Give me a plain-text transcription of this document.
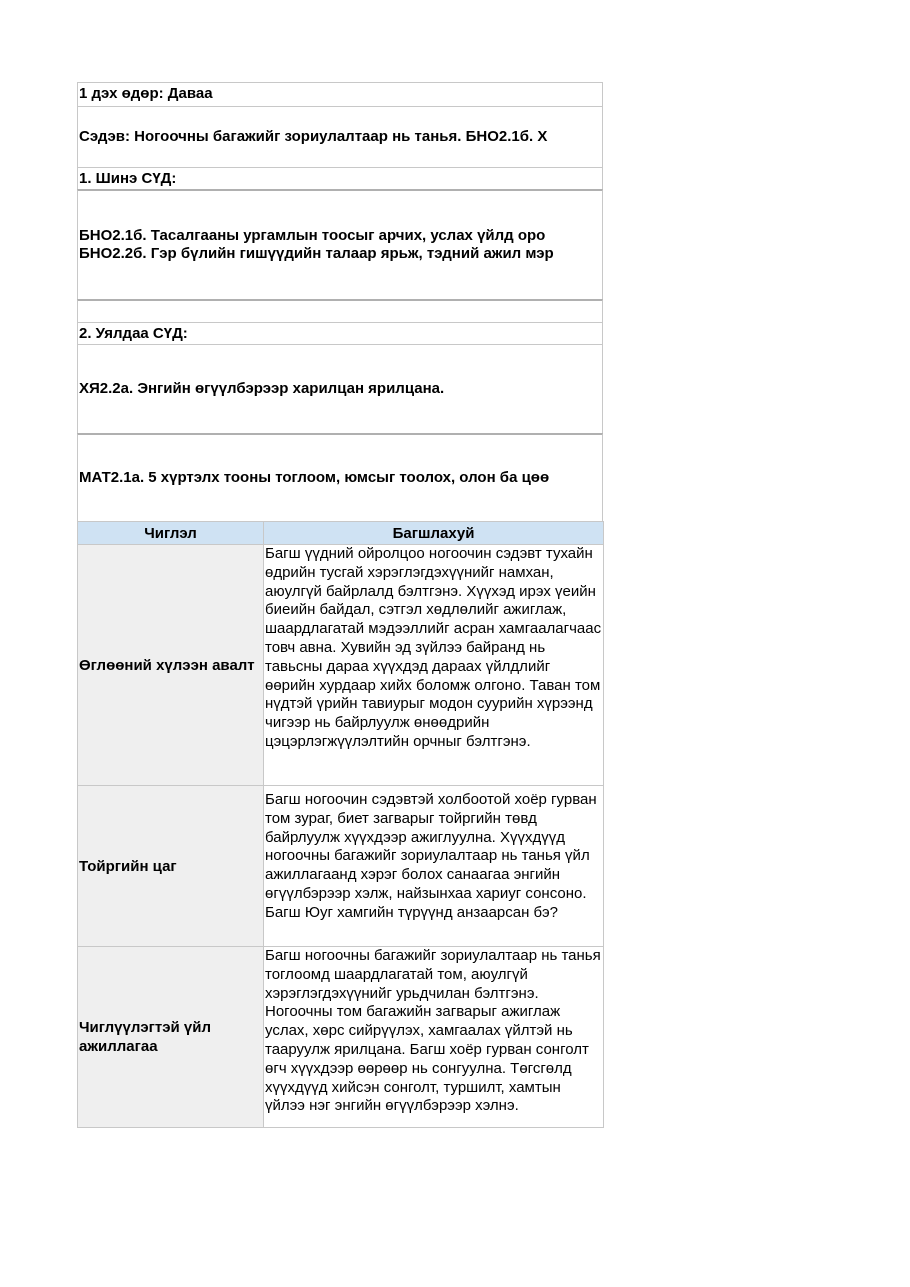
1 дэх өдөр: Даваа
Сэдэв: Ногоочны багажийг зориулалтаар нь танья. БНО2.1б. Х
1. Шинэ СҮД:
БНО2.1б. Тасалгааны ургамлын тоосыг арчих, услах үйлд оро
БНО2.2б. Гэр бүлийн гишүүдийн талаар ярьж, тэдний ажил мэр
2. Уялдаа СҮД:
ХЯ2.2а. Энгийн өгүүлбэрээр харилцан ярилцана.
МАТ2.1а. 5 хүртэлх тооны тоглоом, юмсыг тоолох, олон ба цөө
Чиглэл	Багшлахуй
Өглөөний хүлээн авалт	Багш үүдний ойролцоо ногоочин сэдэвт тухайн өдрийн тусгай хэрэглэгдэхүүнийг намхан, аюулгүй байрлалд бэлтгэнэ. Хүүхэд ирэх үеийн биеийн байдал, сэтгэл хөдлөлийг ажиглаж, шаардлагатай мэдээллийг асран хамгаалагчаас товч авна. Хувийн эд зүйлээ байранд нь тавьсны дараа хүүхдэд дараах үйлдлийг өөрийн хурдаар хийх боломж олгоно. Таван том нүдтэй үрийн тавиурыг модон суурийн хүрээнд чигээр нь байрлуулж өнөөдрийн цэцэрлэгжүүлэлтийн орчныг бэлтгэнэ.

Тойргийн цаг	Багш ногоочин сэдэвтэй холбоотой хоёр гурван том зураг, биет загварыг тойргийн төвд байрлуулж хүүхдээр ажиглуулна. Хүүхдүүд ногоочны багажийг зориулалтаар нь танья үйл ажиллагаанд хэрэг болох санаагаа энгийн өгүүлбэрээр хэлж, найзынхаа хариуг сонсоно. Багш Юуг хамгийн түрүүнд анзаарсан бэ?

Чиглүүлэгтэй үйл ажиллагаа	Багш ногоочны багажийг зориулалтаар нь танья тоглоомд шаардлагатай том, аюулгүй хэрэглэгдэхүүнийг урьдчилан бэлтгэнэ. Ногоочны том багажийн загварыг ажиглаж услах, хөрс сийрүүлэх, хамгаалах үйлтэй нь тааруулж ярилцана. Багш хоёр гурван сонголт өгч хүүхдээр өөрөөр нь сонгуулна. Төгсгөлд хүүхдүүд хийсэн сонголт, туршилт, хамтын үйлээ нэг энгийн өгүүлбэрээр хэлнэ.
